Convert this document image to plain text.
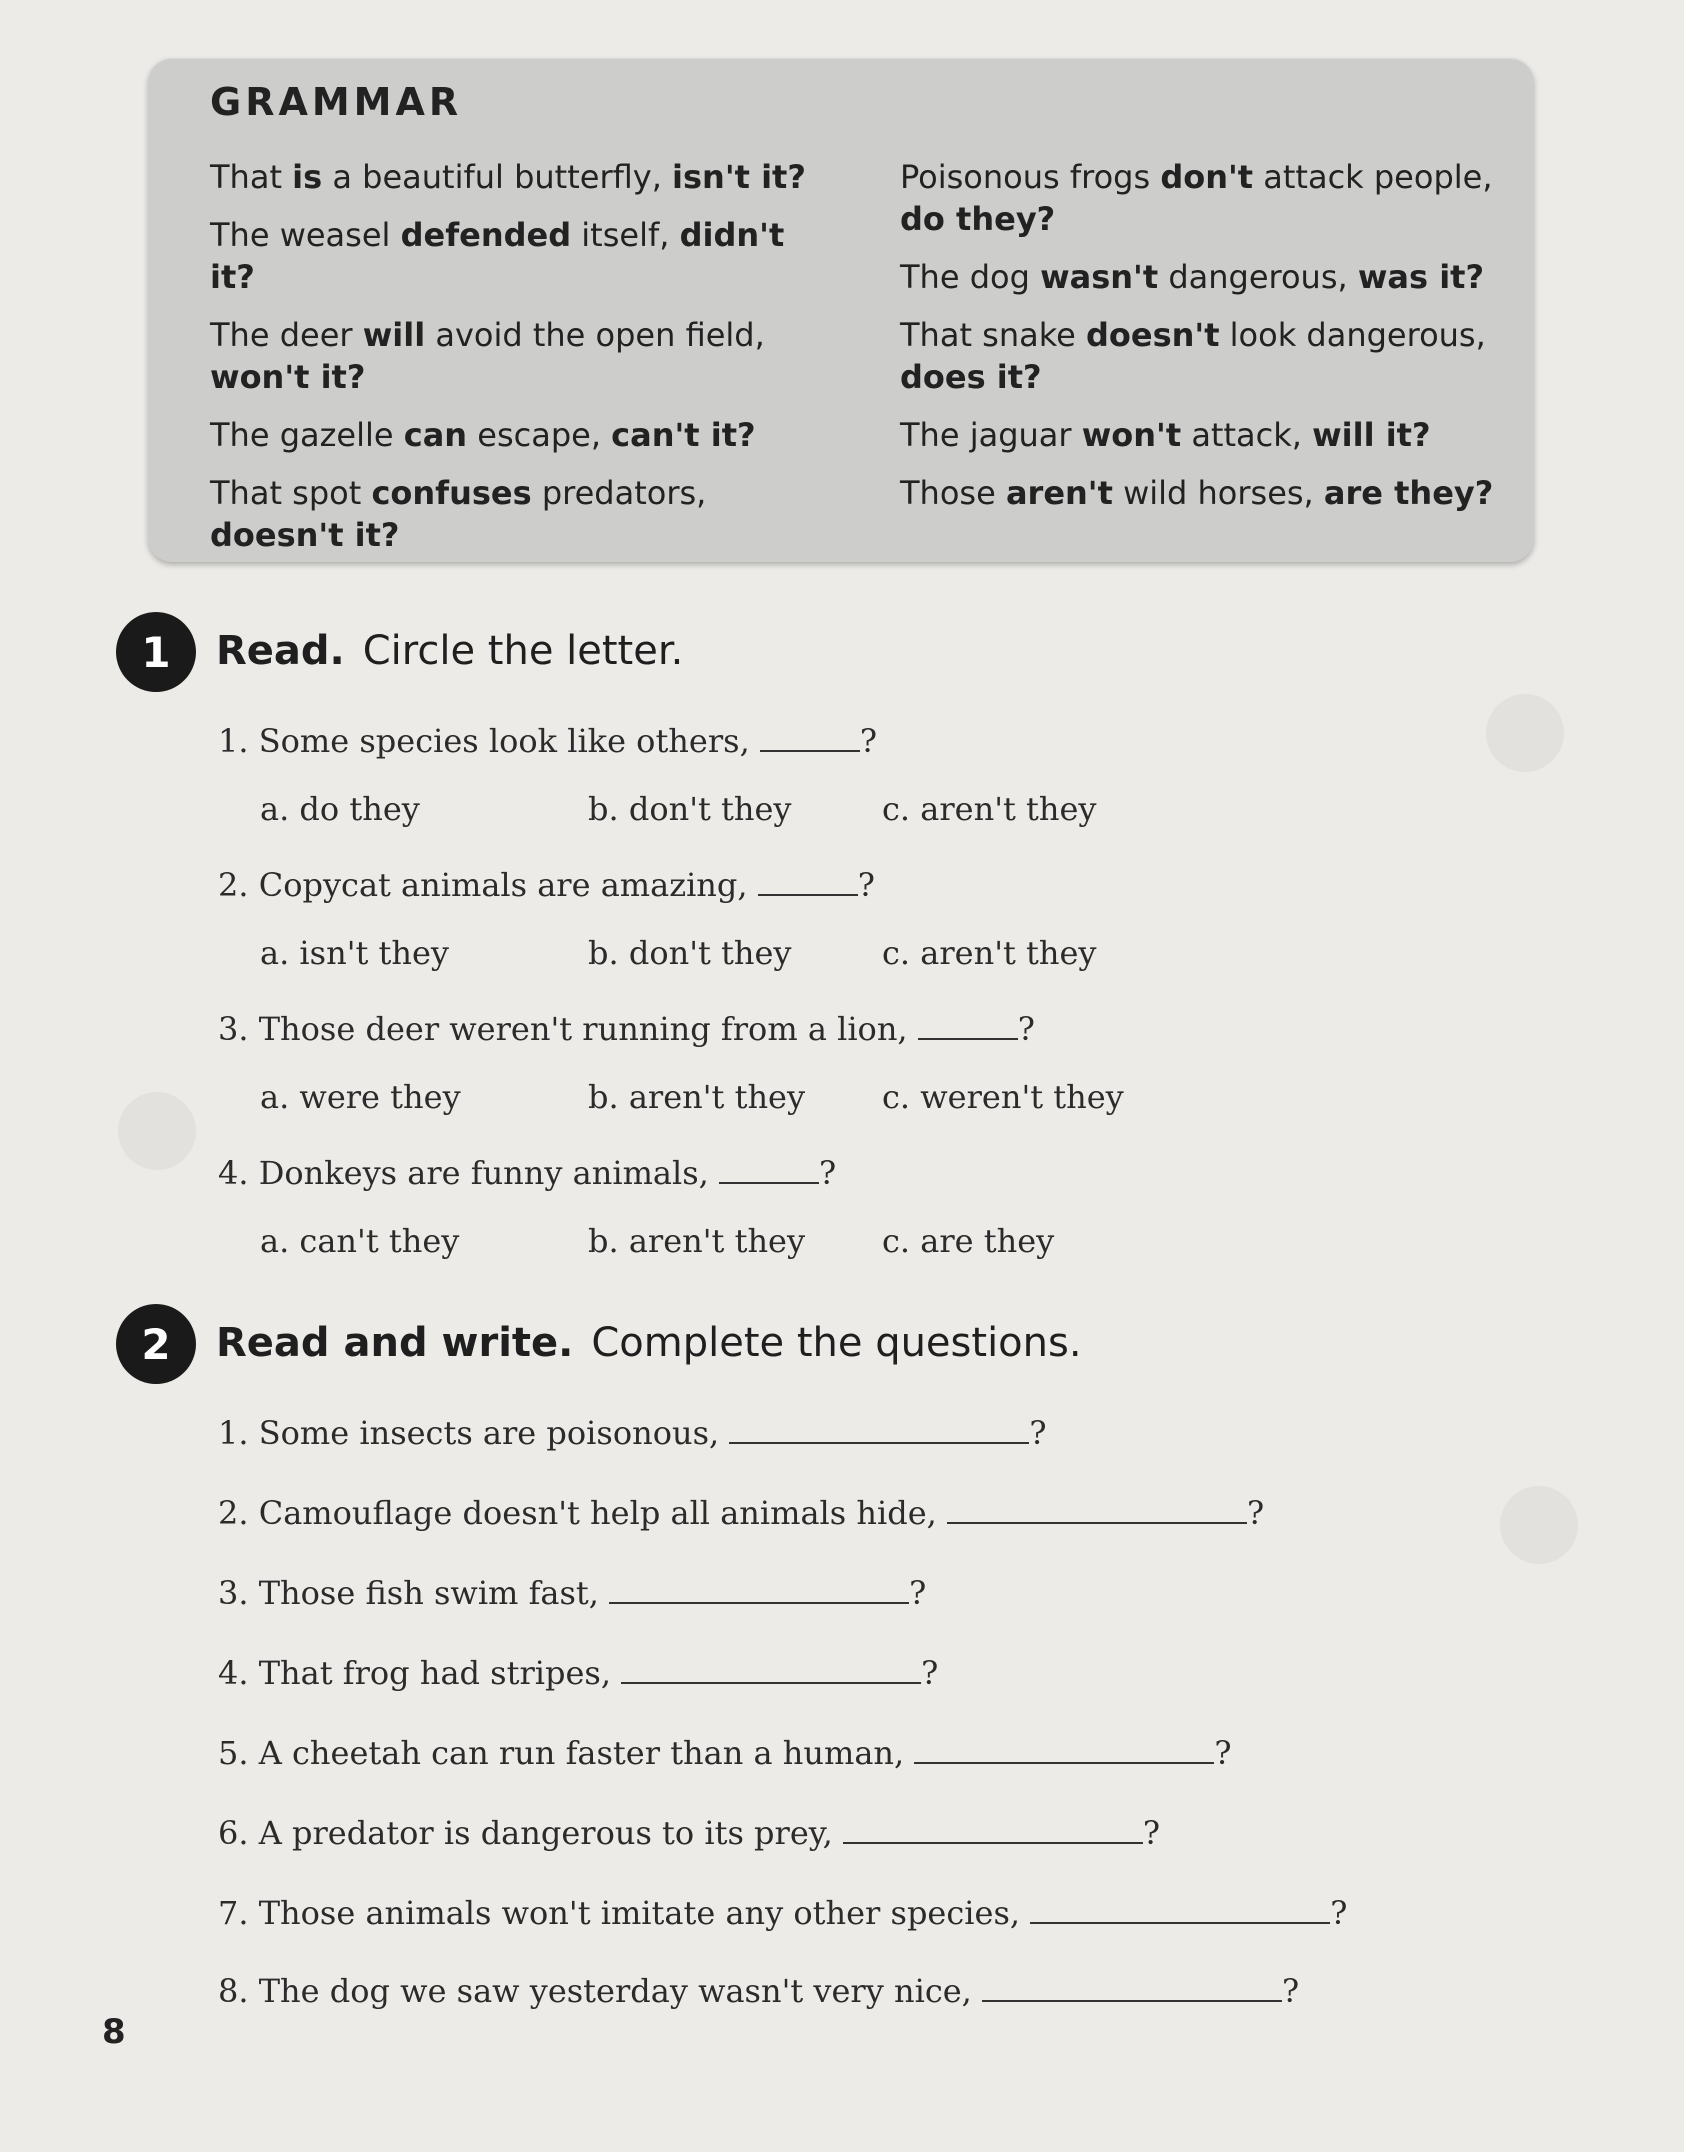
GRAMMAR
That is a beautiful butterfly, isn't it?
The weasel defended itself, didn't it?
The deer will avoid the open field,
won't it?
The gazelle can escape, can't it?
That spot confuses predators,
doesn't it?
Poisonous frogs don't attack people,
do they?
The dog wasn't dangerous, was it?
That snake doesn't look dangerous,
does it?
The jaguar won't attack, will it?
Those aren't wild horses, are they?
1	Read. Circle the letter.
1. Some species look like others,	?
a. do they	b. don't they	c. aren't they
2. Copycat animals are amazing,	?
a. isn't they	b. don't they	c. aren't they
3. Those deer weren't running from a lion,	?
a. were they	b. aren't they c. weren't they
4. Donkeys are funny animals,	?
a. can't they	b. aren't they c. are they
2	Read and write. Complete the questions.
1. Some insects are poisonous,	?
2. Camouflage doesn't help all animals hide,	?
3. Those fish swim fast,	?
4. That frog had stripes,	?
5. A cheetah can run faster than a human,	?
6. A predator is dangerous to its prey,	?
7. Those animals won't imitate any other species,	?
8. The dog we saw yesterday wasn't very nice,	?
8
